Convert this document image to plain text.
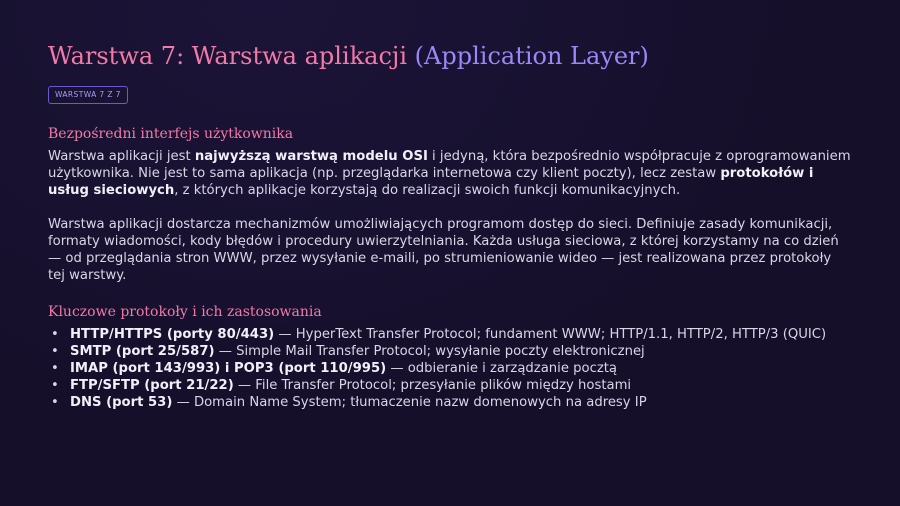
Warstwa 7: Warstwa aplikacji (Application Layer)
WARSTWA 7 Z 7
Bezpośredni interfejs użytkownika

Warstwa aplikacji jest najwyższą warstwą modelu OSI i jedyną, która bezpośrednio współpracuje z oprogramowaniem użytkownika. Nie jest to sama aplikacja (np. przeglądarka internetowa czy klient poczty), lecz zestaw protokołów i usług sieciowych, z których aplikacje korzystają do realizacji swoich funkcji komunikacyjnych.

Warstwa aplikacji dostarcza mechanizmów umożliwiających programom dostęp do sieci. Definiuje zasady komunikacji, formaty wiadomości, kody błędów i procedury uwierzytelniania. Każda usługa sieciowa, z której korzystamy na co dzień — od przeglądania stron WWW, przez wysyłanie e-maili, po strumieniowanie wideo — jest realizowana przez protokoły tej warstwy.

Kluczowe protokoły i ich zastosowania
• HTTP/HTTPS (porty 80/443) — HyperText Transfer Protocol; fundament WWW; HTTP/1.1, HTTP/2, HTTP/3 (QUIC)
• SMTP (port 25/587) — Simple Mail Transfer Protocol; wysyłanie poczty elektronicznej
• IMAP (port 143/993) i POP3 (port 110/995) — odbieranie i zarządzanie pocztą
• FTP/SFTP (port 21/22) — File Transfer Protocol; przesyłanie plików między hostami
• DNS (port 53) — Domain Name System; tłumaczenie nazw domenowych na adresy IP
